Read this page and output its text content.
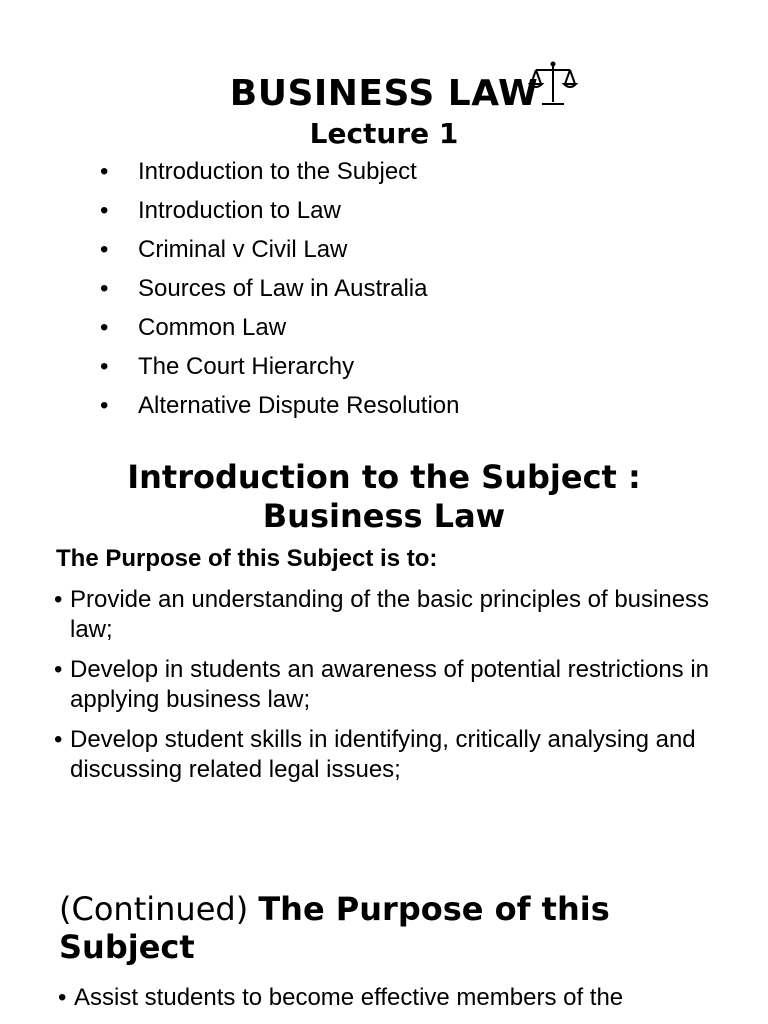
BUSINESS LAW
Lecture 1
• Introduction to the Subject
• Introduction to Law
• Criminal v Civil Law
• Sources of Law in Australia
• Common Law
• The Court Hierarchy
• Alternative Dispute Resolution
Introduction to the Subject :
Business Law
The Purpose of this Subject is to:
• Provide an understanding of the basic principles of business law;
• Develop in students an awareness of potential restrictions in applying business law;
• Develop student skills in identifying, critically analysing and discussing related legal issues;
(Continued) The Purpose of this Subject
• Assist students to become effective members of the
